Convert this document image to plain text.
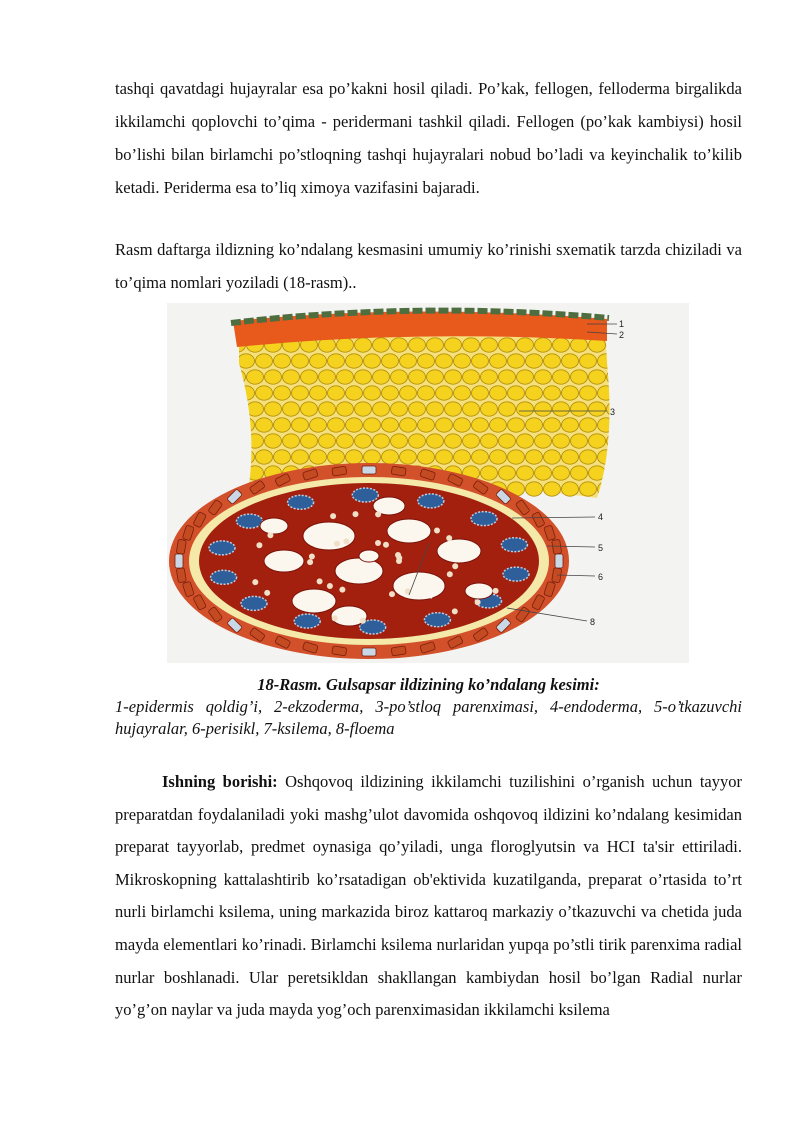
tashqi qavatdagi hujayralar esa po’kakni hosil qiladi. Po’kak, fellogen, felloderma birgalikda ikkilamchi qoplovchi to’qima - peridermani tashkil qiladi. Fellogen (po’kak kambiysi) hosil bo’lishi bilan birlamchi po’stloqning tashqi hujayralari nobud bo’ladi va keyinchalik to’kilib ketadi. Periderma esa to’liq ximoya vazifasini bajaradi.

Rasm daftarga ildizning ko’ndalang kesmasini umumiy ko’rinishi sxematik tarzda chiziladi va to’qima nomlari yoziladi (18-rasm)..

1
2
3
4
5
6
7
8

18-Rasm. Gulsapsar ildizining ko’ndalang kesimi:

1-epidermis qoldig’i, 2-ekzoderma, 3-po’stloq parenximasi, 4-endoderma, 5-o’tkazuvchi hujayralar, 6-perisikl, 7-ksilema, 8-floema

Ishning borishi: Oshqovoq ildizining ikkilamchi tuzilishini o’rganish uchun tayyor preparatdan foydalaniladi yoki mashg’ulot davomida oshqovoq ildizini ko’ndalang kesimidan preparat tayyorlab, predmet oynasiga qo’yiladi, unga floroglyutsin va HCI ta'sir ettiriladi. Mikroskopning kattalashtirib ko’rsatadigan ob'ektivida kuzatilganda, preparat o’rtasida to’rt nurli birlamchi ksilema, uning markazida biroz kattaroq markaziy o’tkazuvchi va chetida juda mayda elementlari ko’rinadi. Birlamchi ksilema nurlaridan yupqa po’stli tirik parenxima radial nurlar boshlanadi. Ular peretsikldan shakllangan kambiydan hosil bo’lgan Radial nurlar yo’g’on naylar va juda mayda yog’och parenximasidan ikkilamchi ksilema
